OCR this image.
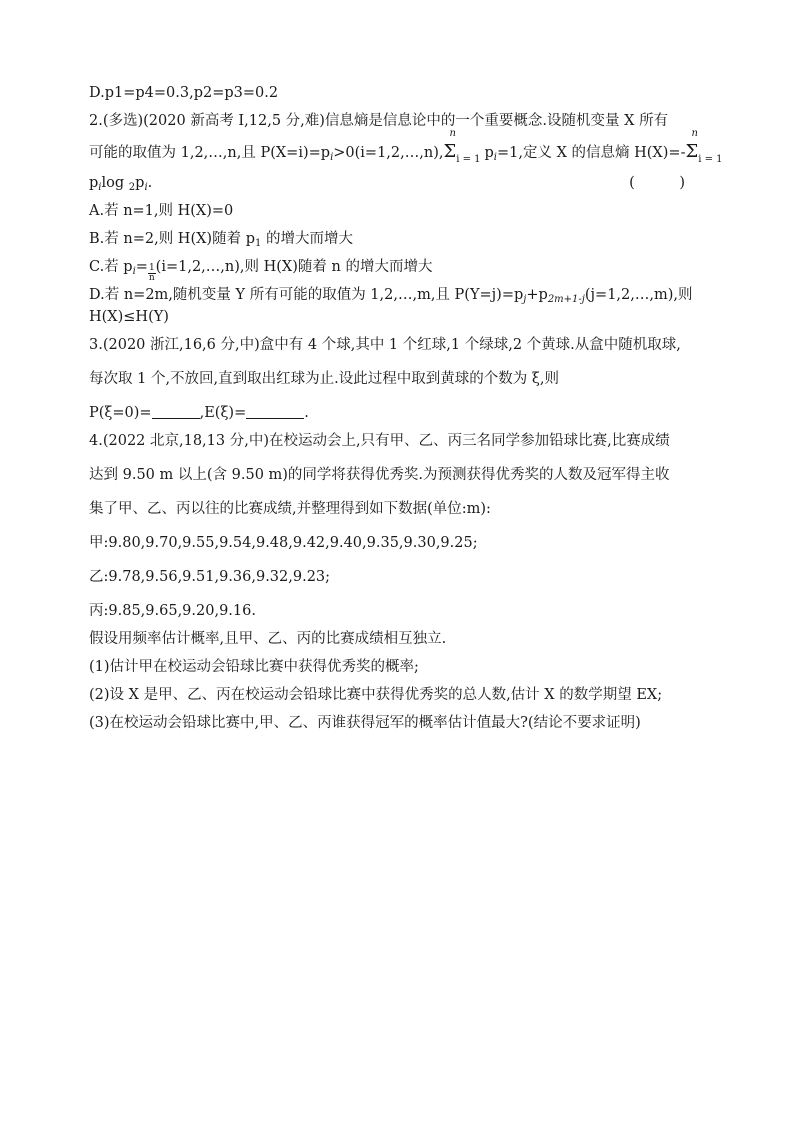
D.p1=p4=0.3,p2=p3=0.2

2.(多选)(2020 新高考 Ⅰ,12,5 分,难)信息熵是信息论中的一个重要概念.设随机变量 X 所有

可能的取值为 1,2,…,n,且 $P(X=i)=p_i>0(i=1,2,\dots,n)$,
n
$\Sigma_{i = 1}$ $p_i=1$,定义 X 的信息熵 H(X)=-
n
$\Sigma_{i = 1}$

$p_i\log$ $_2p_i$.	( )

A.若 n=1,则 H(X)=0

B.若 n=2,则 H(X)随着 $p_1$ 的增大而增大

C.若 $p_i= \frac{1}{n}$ (i=1,2,…,n),则 H(X)随着 n 的增大而增大

D.若 n=2m,随机变量 Y 所有可能的取值为 1,2,…,m,且 $P(Y=j)=p_j+p_{2m+1-j}(j=1,2,\dots,m)$,则

H(X)≤H(Y)

3.(2020 浙江,16,6 分,中)盒中有 4 个球,其中 1 个红球,1 个绿球,2 个黄球.从盒中随机取球,

每次取 1 个,不放回,直到取出红球为止.设此过程中取到黄球的个数为 ξ,则

P(ξ=0)=	,E(ξ)=	.

4.(2022 北京,18,13 分,中)在校运动会上,只有甲、乙、丙三名同学参加铅球比赛,比赛成绩

达到 9.50 m 以上(含 9.50 m)的同学将获得优秀奖.为预测获得优秀奖的人数及冠军得主收

集了甲、乙、丙以往的比赛成绩,并整理得到如下数据(单位:m):

甲:9.80,9.70,9.55,9.54,9.48,9.42,9.40,9.35,9.30,9.25;

乙:9.78,9.56,9.51,9.36,9.32,9.23;

丙:9.85,9.65,9.20,9.16.

假设用频率估计概率,且甲、乙、丙的比赛成绩相互独立.

(1)估计甲在校运动会铅球比赛中获得优秀奖的概率;

(2)设 X 是甲、乙、丙在校运动会铅球比赛中获得优秀奖的总人数,估计 X 的数学期望 EX;

(3)在校运动会铅球比赛中,甲、乙、丙谁获得冠军的概率估计值最大?(结论不要求证明)
